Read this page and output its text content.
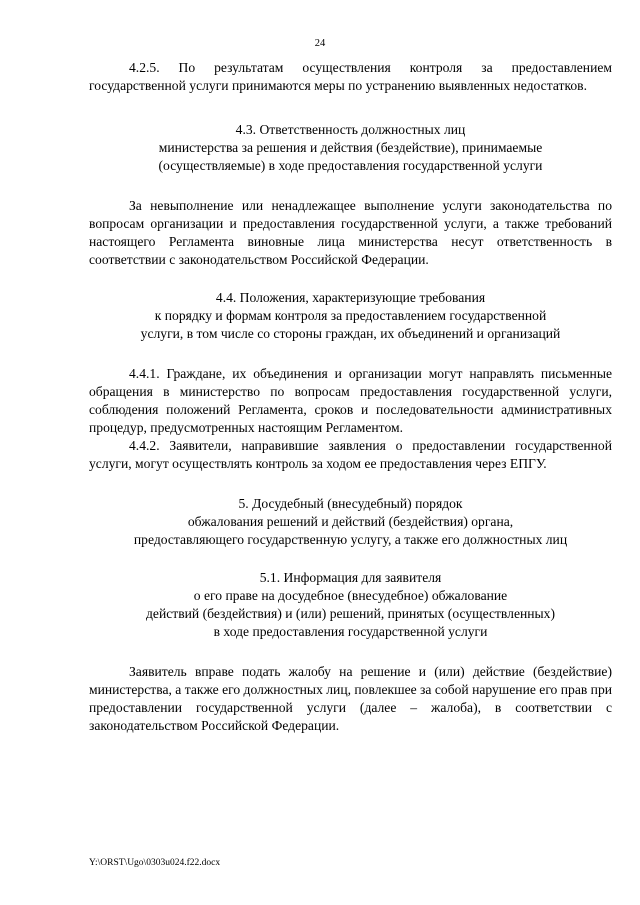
24

4.2.5. По результатам осуществления контроля за предоставлением государственной услуги принимаются меры по устранению выявленных недостатков.

4.3. Ответственность должностных лиц
министерства за решения и действия (бездействие), принимаемые
(осуществляемые) в ходе предоставления государственной услуги

За невыполнение или ненадлежащее выполнение услуги законодательства по вопросам организации и предоставления государственной услуги, а также требований настоящего Регламента виновные лица министерства несут ответственность в соответствии с законодательством Российской Федерации.

4.4. Положения, характеризующие требования
к порядку и формам контроля за предоставлением государственной
услуги, в том числе со стороны граждан, их объединений и организаций

4.4.1. Граждане, их объединения и организации могут направлять письменные обращения в министерство по вопросам предоставления государственной услуги, соблюдения положений Регламента, сроков и последовательности административных процедур, предусмотренных настоящим Регламентом.

4.4.2. Заявители, направившие заявления о предоставлении государственной услуги, могут осуществлять контроль за ходом ее предоставления через ЕПГУ.

5. Досудебный (внесудебный) порядок
обжалования решений и действий (бездействия) органа,
предоставляющего государственную услугу, а также его должностных лиц
5.1. Информация для заявителя
о его праве на досудебное (внесудебное) обжалование
действий (бездействия) и (или) решений, принятых (осуществленных)
в ходе предоставления государственной услуги

Заявитель вправе подать жалобу на решение и (или) действие (бездействие) министерства, а также его должностных лиц, повлекшее за собой нарушение его прав при предоставлении государственной услуги (далее – жалоба), в соответствии с законодательством Российской Федерации.

Y:\ORST\Ugo\0303u024.f22.docx
